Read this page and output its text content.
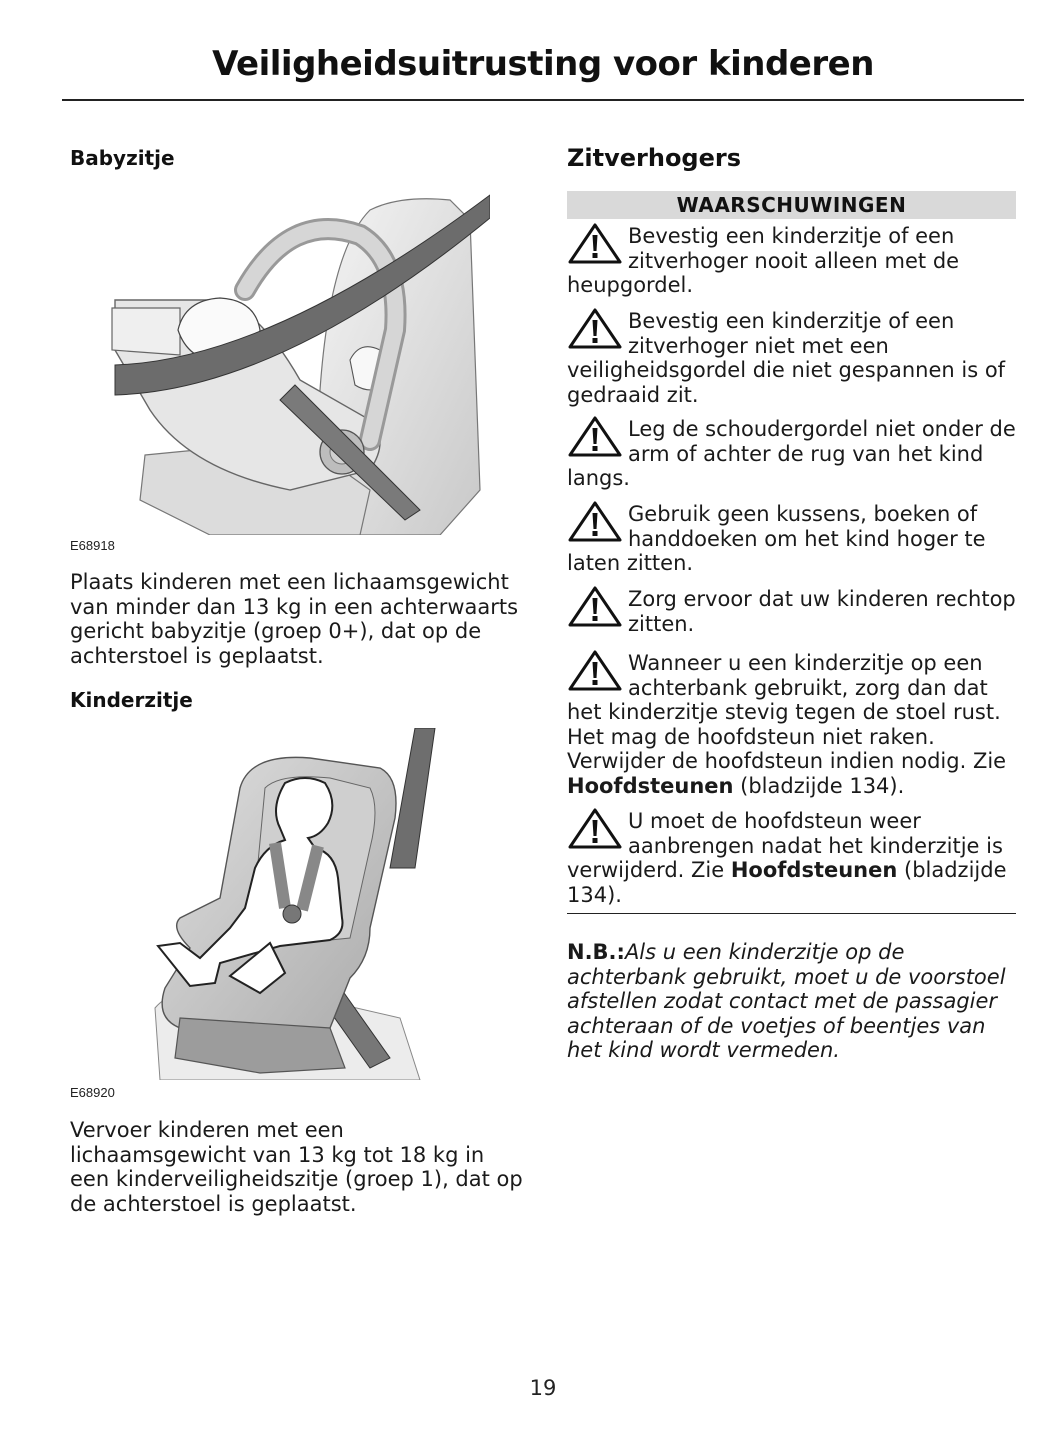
Veiligheidsuitrusting voor kinderen
Babyzitje
E68918
Plaats kinderen met een lichaamsgewicht van minder dan 13 kg in een achterwaarts gericht babyzitje (groep 0+), dat op de achterstoel is geplaatst.
Kinderzitje
E68920
Vervoer kinderen met een lichaamsgewicht van 13 kg tot 18 kg in een kinderveiligheidszitje (groep 1), dat op de achterstoel is geplaatst.
Zitverhogers
WAARSCHUWINGEN
Bevestig een kinderzitje of een zitverhoger nooit alleen met de heupgordel.
Bevestig een kinderzitje of een zitverhoger niet met een veiligheidsgordel die niet gespannen is of gedraaid zit.
Leg de schoudergordel niet onder de arm of achter de rug van het kind langs.
Gebruik geen kussens, boeken of handdoeken om het kind hoger te laten zitten.
Zorg ervoor dat uw kinderen rechtop zitten.
Wanneer u een kinderzitje op een achterbank gebruikt, zorg dan dat het kinderzitje stevig tegen de stoel rust. Het mag de hoofdsteun niet raken. Verwijder de hoofdsteun indien nodig. Zie Hoofdsteunen (bladzijde 134).
U moet de hoofdsteun weer aanbrengen nadat het kinderzitje is verwijderd. Zie Hoofdsteunen (bladzijde 134).
N.B.:Als u een kinderzitje op de achterbank gebruikt, moet u de voorstoel afstellen zodat contact met de passagier achteraan of de voetjes of beentjes van het kind wordt vermeden.
19
